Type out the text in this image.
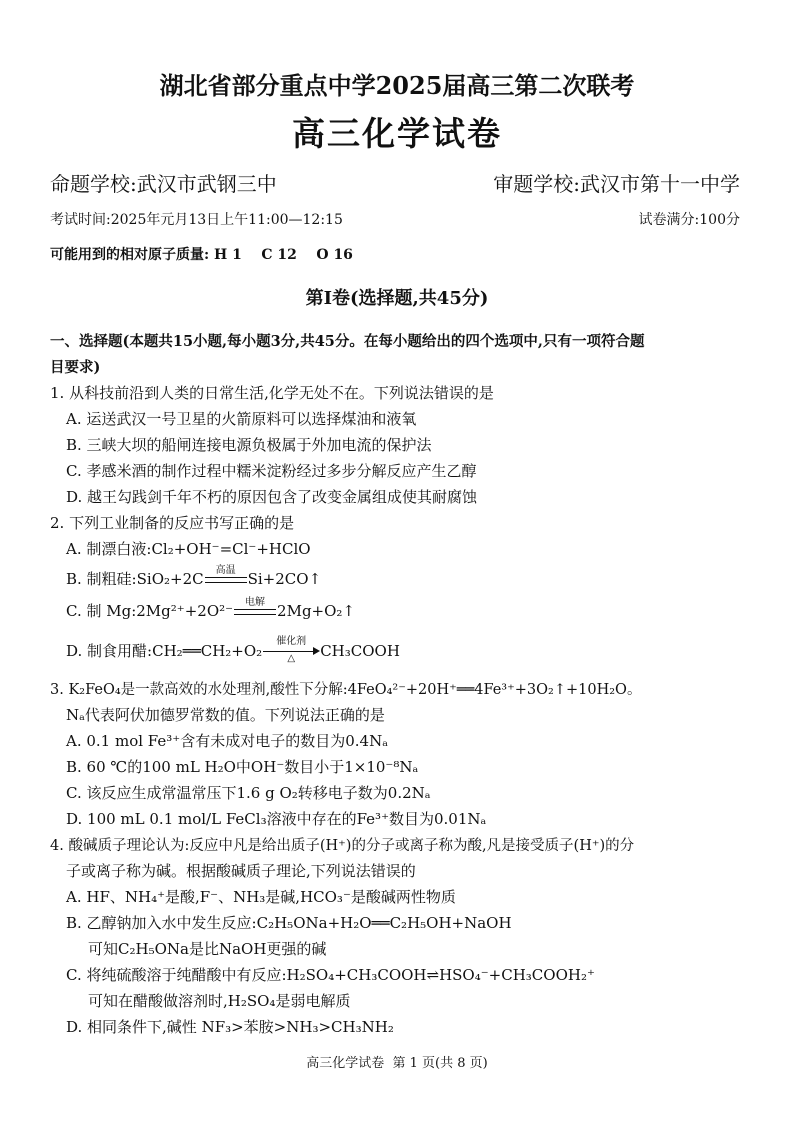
湖北省部分重点中学2025届高三第二次联考
高三化学试卷
命题学校:武汉市武钢三中	审题学校:武汉市第十一中学
考试时间:2025年元月13日上午11:00—12:15	试卷满分:100分
可能用到的相对原子质量: H 1    C 12    O 16
第Ⅰ卷(选择题,共45分)
一、选择题(本题共15小题,每小题3分,共45分。在每小题给出的四个选项中,只有一项符合题
目要求)
1. 从科技前沿到人类的日常生活,化学无处不在。下列说法错误的是
A. 运送武汉一号卫星的火箭原料可以选择煤油和液氧
B. 三峡大坝的船闸连接电源负极属于外加电流的保护法
C. 孝感米酒的制作过程中糯米淀粉经过多步分解反应产生乙醇
D. 越王勾践剑千年不朽的原因包含了改变金属组成使其耐腐蚀
2. 下列工业制备的反应书写正确的是
A. 制漂白液:Cl₂+OH⁻=Cl⁻+HClO
B. 制粗硅:SiO₂+2C	高温 Si+2CO↑
C. 制 Mg:2Mg²⁺+2O²⁻	电解 2Mg+O₂↑
D. 制食用醋:CH₂══CH₂+O₂
催化剂
△	CH₃COOH
3. K₂FeO₄是一款高效的水处理剂,酸性下分解:4FeO₄²⁻+20H⁺══4Fe³⁺+3O₂↑+10H₂O。
Nₐ代表阿伏加德罗常数的值。下列说法正确的是
A. 0.1 mol Fe³⁺含有未成对电子的数目为0.4Nₐ
B. 60 ℃的100 mL H₂O中OH⁻数目小于1×10⁻⁸Nₐ
C. 该反应生成常温常压下1.6 g O₂转移电子数为0.2Nₐ
D. 100 mL 0.1 mol/L FeCl₃溶液中存在的Fe³⁺数目为0.01Nₐ
4. 酸碱质子理论认为:反应中凡是给出质子(H⁺)的分子或离子称为酸,凡是接受质子(H⁺)的分
子或离子称为碱。根据酸碱质子理论,下列说法错误的
A. HF、NH₄⁺是酸,F⁻、NH₃是碱,HCO₃⁻是酸碱两性物质
B. 乙醇钠加入水中发生反应:C₂H₅ONa+H₂O══C₂H₅OH+NaOH
可知C₂H₅ONa是比NaOH更强的碱
C. 将纯硫酸溶于纯醋酸中有反应:H₂SO₄+CH₃COOH⇌HSO₄⁻+CH₃COOH₂⁺
可知在醋酸做溶剂时,H₂SO₄是弱电解质
D. 相同条件下,碱性 NF₃>苯胺>NH₃>CH₃NH₂
高三化学试卷  第 1 页(共 8 页)
